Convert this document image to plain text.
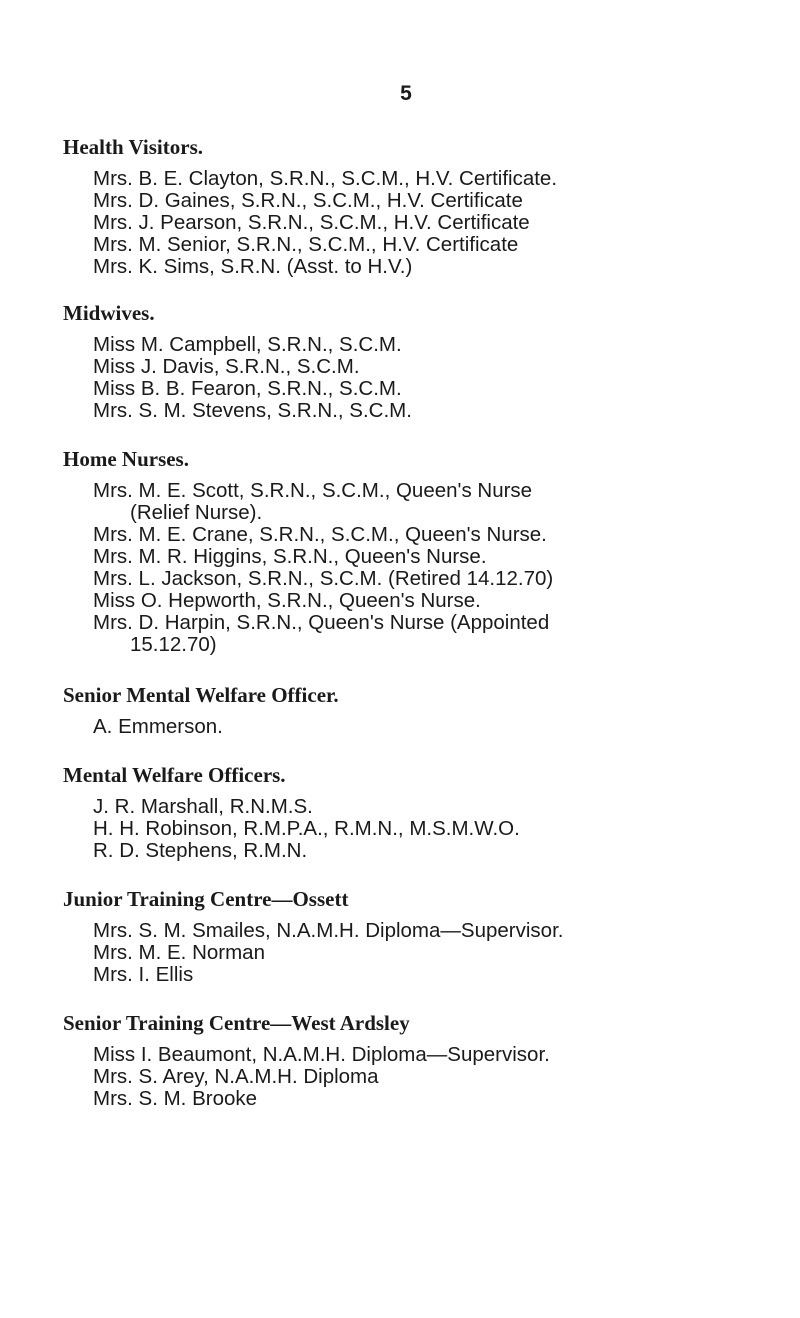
5
Health Visitors.
Mrs. B. E. Clayton, S.R.N., S.C.M., H.V. Certificate.
Mrs. D. Gaines, S.R.N., S.C.M., H.V. Certificate
Mrs. J. Pearson, S.R.N., S.C.M., H.V. Certificate
Mrs. M. Senior, S.R.N., S.C.M., H.V. Certificate
Mrs. K. Sims, S.R.N. (Asst. to H.V.)
Midwives.
Miss M. Campbell, S.R.N., S.C.M.
Miss J. Davis, S.R.N., S.C.M.
Miss B. B. Fearon, S.R.N., S.C.M.
Mrs. S. M. Stevens, S.R.N., S.C.M.
Home Nurses.
Mrs. M. E. Scott, S.R.N., S.C.M., Queen's Nurse
(Relief Nurse).
Mrs. M. E. Crane, S.R.N., S.C.M., Queen's Nurse.
Mrs. M. R. Higgins, S.R.N., Queen's Nurse.
Mrs. L. Jackson, S.R.N., S.C.M. (Retired 14.12.70)
Miss O. Hepworth, S.R.N., Queen's Nurse.
Mrs. D. Harpin, S.R.N., Queen's Nurse (Appointed
15.12.70)
Senior Mental Welfare Officer.
A. Emmerson.
Mental Welfare Officers.
J. R. Marshall, R.N.M.S.
H. H. Robinson, R.M.P.A., R.M.N., M.S.M.W.O.
R. D. Stephens, R.M.N.
Junior Training Centre—Ossett
Mrs. S. M. Smailes, N.A.M.H. Diploma—Supervisor.
Mrs. M. E. Norman
Mrs. I. Ellis
Senior Training Centre—West Ardsley
Miss I. Beaumont, N.A.M.H. Diploma—Supervisor.
Mrs. S. Arey, N.A.M.H. Diploma
Mrs. S. M. Brooke
